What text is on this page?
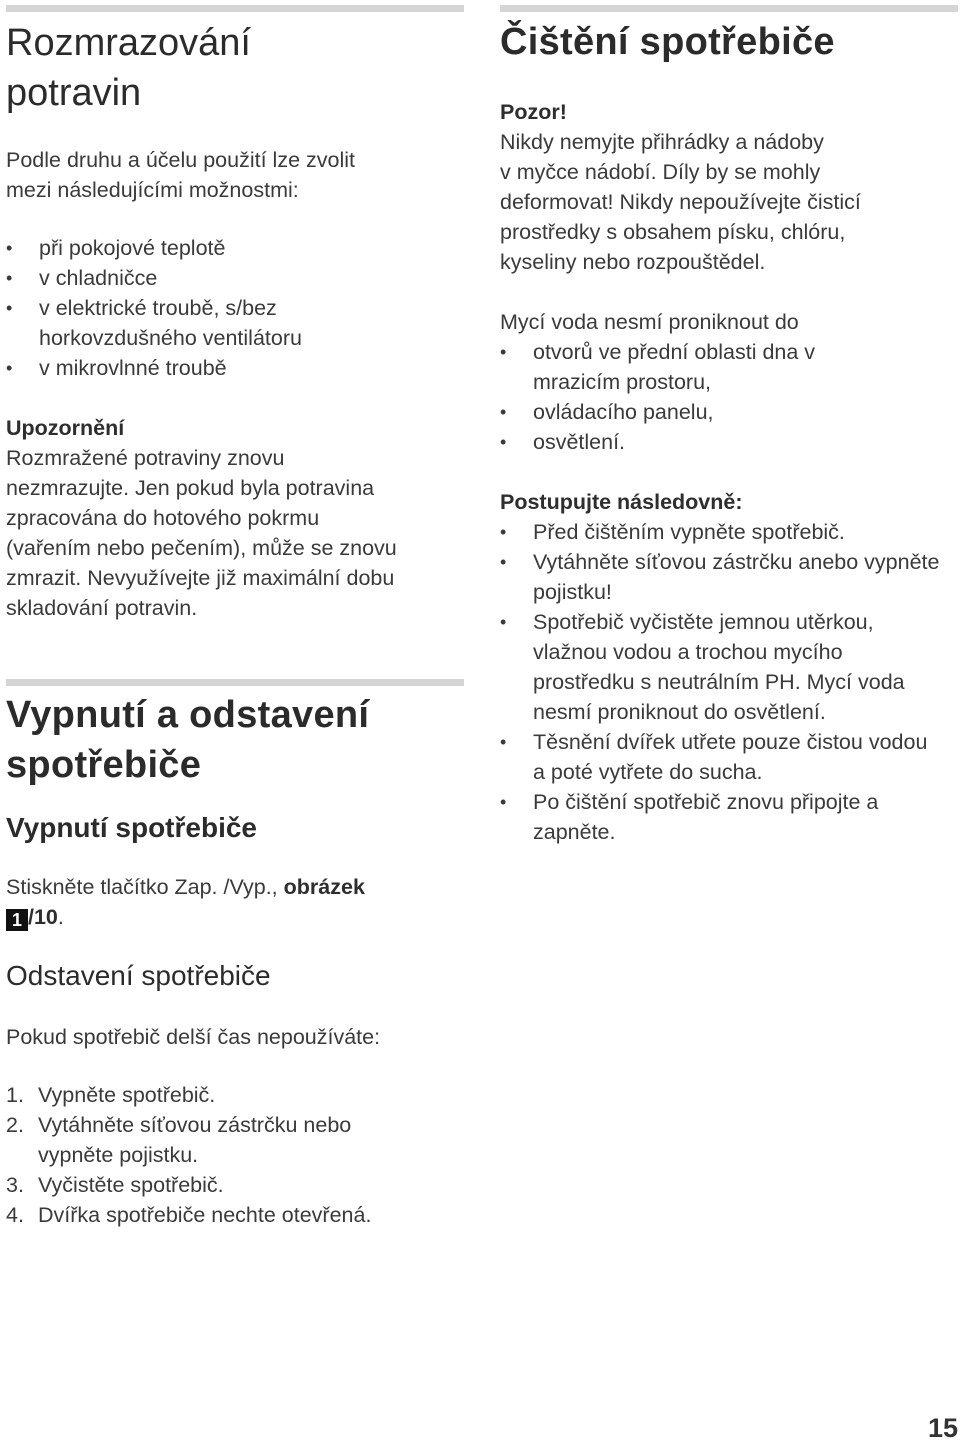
Rozmrazování
potravin

Podle druhu a účelu použití lze zvolit
mezi následujícími možnostmi:

• při pokojové teplotě
• v chladničce
• v elektrické troubě, s/bez horkovzdušného ventilátoru
• v mikrovlnné troubě

Upozornění

Rozmražené potraviny znovu
nezmrazujte. Jen pokud byla potravina
zpracována do hotového pokrmu
(vařením nebo pečením), může se znovu
zmrazit. Nevyužívejte již maximální dobu
skladování potravin.

Vypnutí a odstavení
spotřebiče
Vypnutí spotřebiče

Stiskněte tlačítko Zap. /Vyp., obrázek
1 /10.

Odstavení spotřebiče

Pokud spotřebič delší čas nepoužíváte:

1. Vypněte spotřebič.
2. Vytáhněte síťovou zástrčku nebo
vypněte pojistku.
3. Vyčistěte spotřebič.
4. Dvířka spotřebiče nechte otevřená.
Čištění spotřebiče

Pozor!

Nikdy nemyjte přihrádky a nádoby
v myčce nádobí. Díly by se mohly
deformovat! Nikdy nepoužívejte čisticí
prostředky s obsahem písku, chlóru,
kyseliny nebo rozpouštědel.

Mycí voda nesmí proniknout do

• otvorů ve přední oblasti dna v mrazicím prostoru,
• ovládacího panelu,
• osvětlení.

Postupujte následovně:

• Před čištěním vypněte spotřebič.
• Vytáhněte síťovou zástrčku anebo vypněte pojistku!
• Spotřebič vyčistěte jemnou utěrkou, vlažnou vodou a trochou mycího prostředku s neutrálním PH. Mycí voda nesmí proniknout do osvětlení.
• Těsnění dvířek utřete pouze čistou vodou a poté vytřete do sucha.
• Po čištění spotřebič znovu připojte a zapněte.
15
